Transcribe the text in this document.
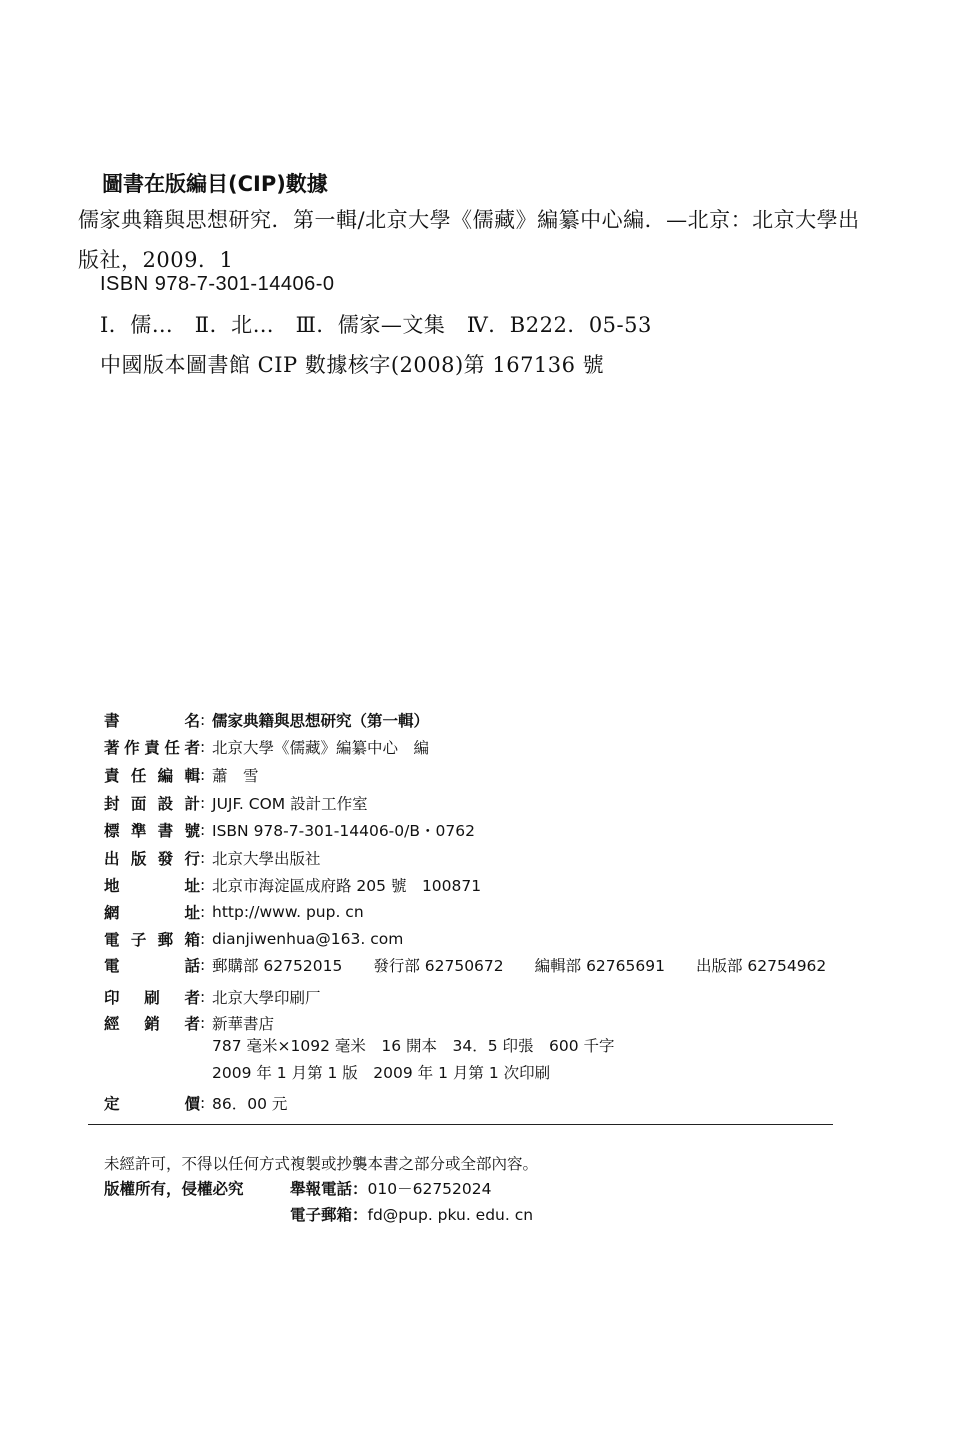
圖書在版編目(CIP)數據
儒家典籍與思想研究．第一輯/北京大學《儒藏》編纂中心編．—北京：北京大學出
版社，2009．1
ISBN 978-7-301-14406-0
Ⅰ．儒…　Ⅱ．北…　Ⅲ．儒家—文集　Ⅳ．B222．05-53
中國版本圖書館 CIP 數據核字(2008)第 167136 號
書	名 : 儒家典籍與思想研究（第一輯）
著 作 責 任 者 : 北京大學《儒藏》編纂中心　編
責 任 編 輯 : 蕭　雪
封 面 設 計 : JUJF. COM 設計工作室
標 準 書 號 : ISBN 978-7-301-14406-0/B・0762
出 版 發 行 : 北京大學出版社
地	址 : 北京市海淀區成府路 205 號　100871
網	址 : http://www. pup. cn
電 子 郵 箱 : dianjiwenhua@163. com
電	話 : 郵購部 62752015　　發行部 62750672　　編輯部 62765691　　出版部 62754962
印 刷 者 : 北京大學印刷厂
經 銷 者 : 新華書店
787 毫米×1092 毫米　16 開本　34．5 印張　600 千字
2009 年 1 月第 1 版　2009 年 1 月第 1 次印刷
定	價 : 86．00 元
未經許可，不得以任何方式複製或抄襲本書之部分或全部內容。
版權所有，侵權必究	舉報電話：010－62752024
電子郵箱：fd@pup. pku. edu. cn
